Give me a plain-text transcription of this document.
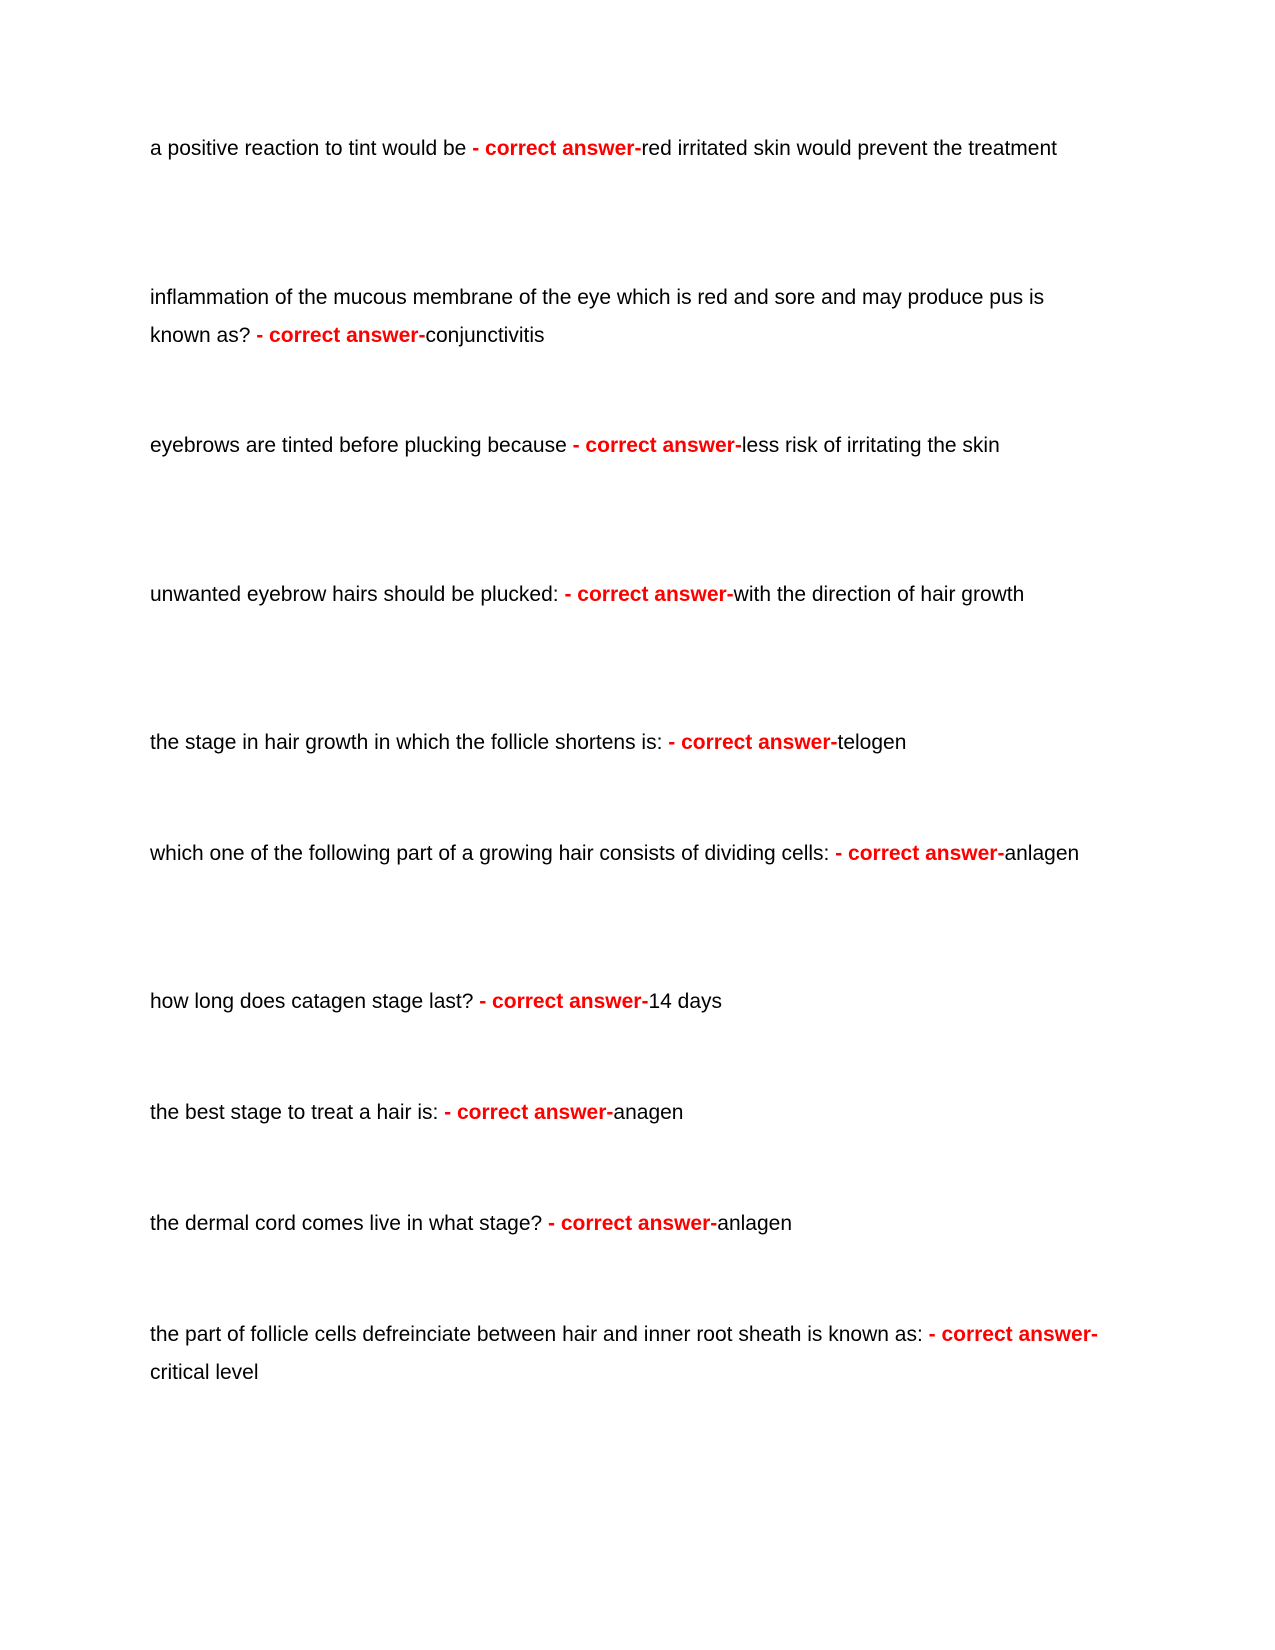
a positive reaction to tint would be - correct answer-red irritated skin would prevent the treatment

inflammation of the mucous membrane of the eye which is red and sore and may produce pus is known as? - correct answer-conjunctivitis

eyebrows are tinted before plucking because - correct answer-less risk of irritating the skin

unwanted eyebrow hairs should be plucked: - correct answer-with the direction of hair growth

the stage in hair growth in which the follicle shortens is: - correct answer-telogen

which one of the following part of a growing hair consists of dividing cells: - correct answer-anlagen

how long does catagen stage last? - correct answer-14 days

the best stage to treat a hair is: - correct answer-anagen

the dermal cord comes live in what stage? - correct answer-anlagen

the part of follicle cells defreinciate between hair and inner root sheath is known as: - correct answer-critical level
